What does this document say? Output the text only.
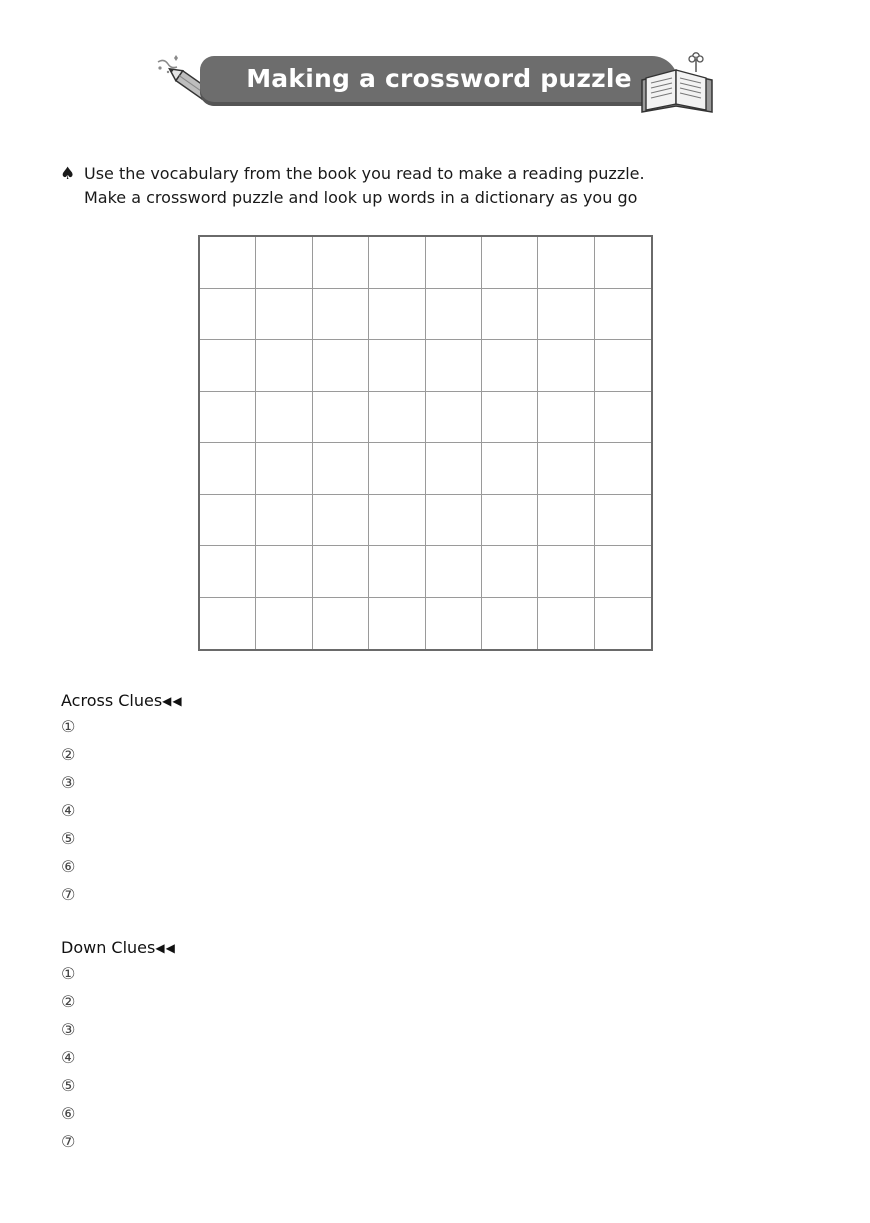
Making a crossword puzzle
♠ Use the vocabulary from the book you read to make a reading puzzle.
Make a crossword puzzle and look up words in a dictionary as you go
Across Clues◀◀
①
②
③
④
⑤
⑥
⑦
Down Clues◀◀
①
②
③
④
⑤
⑥
⑦
